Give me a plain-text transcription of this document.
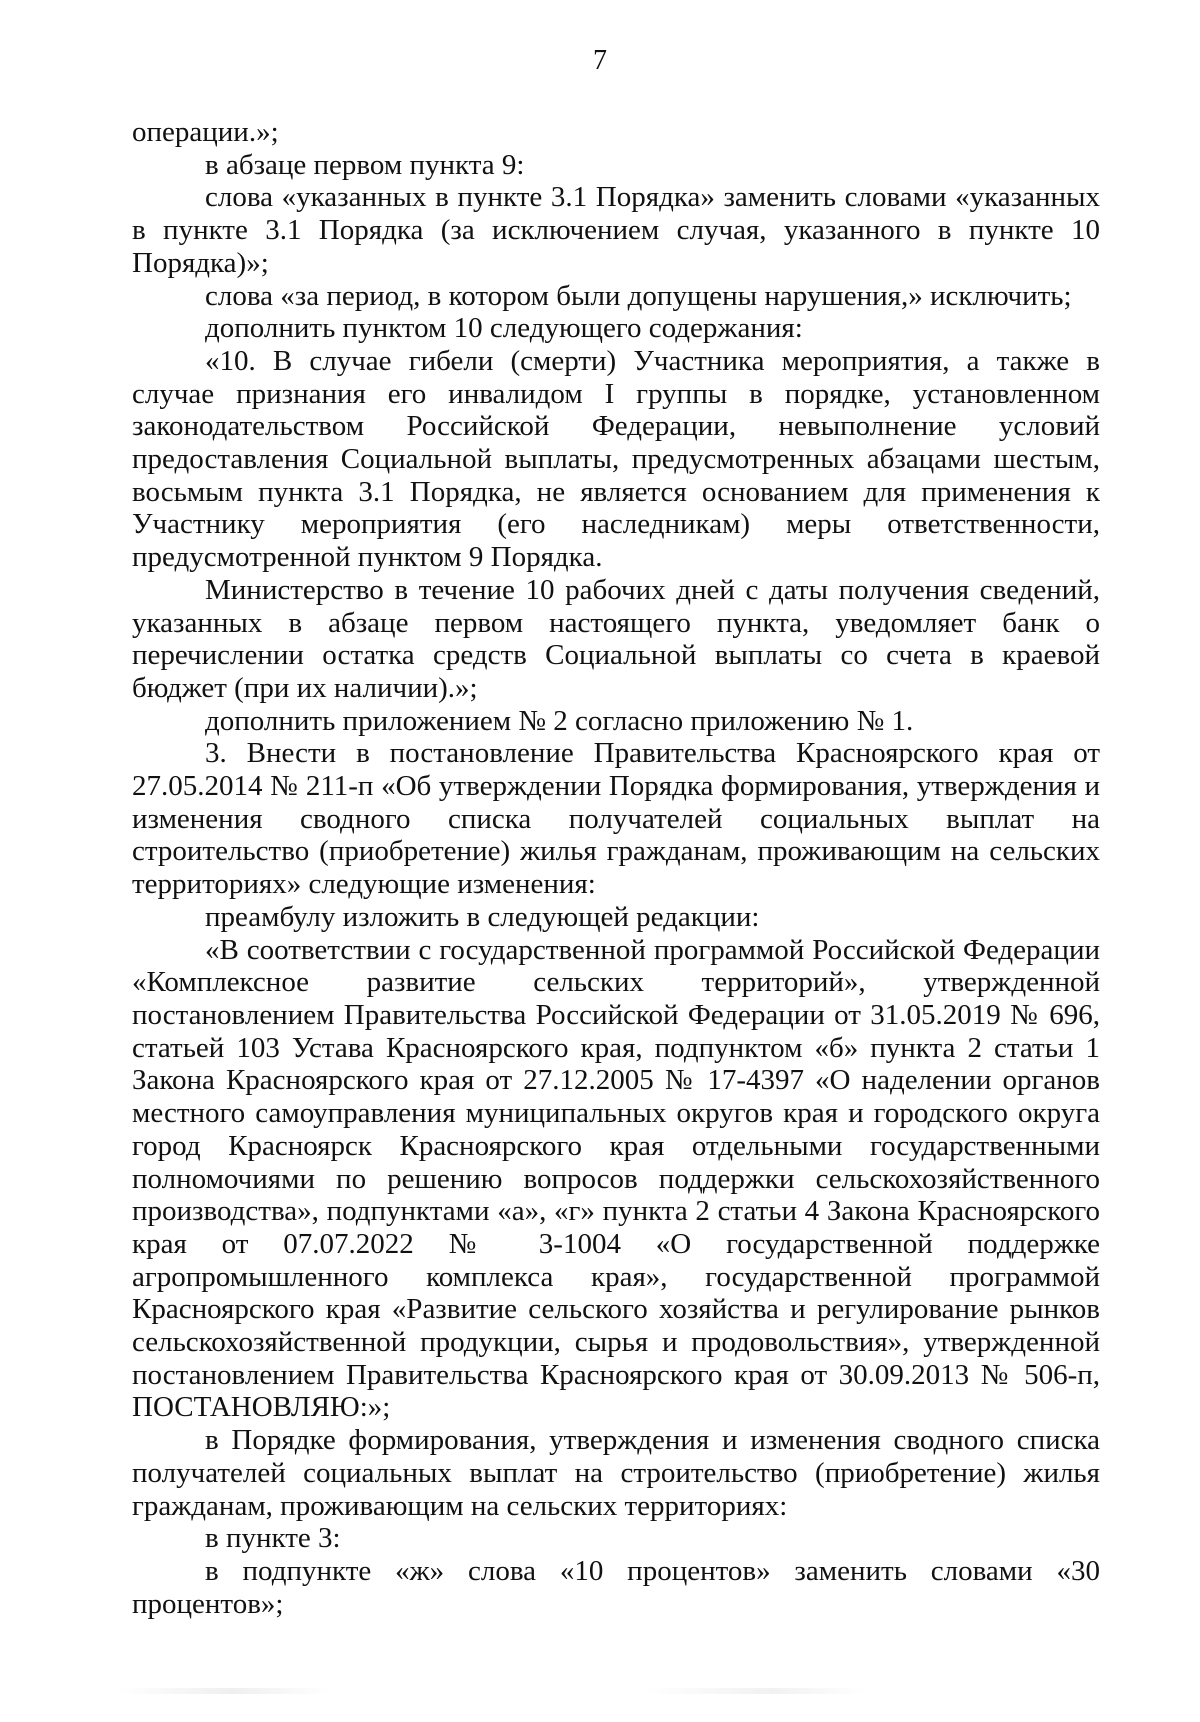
7

операции.»;

в абзаце первом пункта 9:

слова «указанных в пункте 3.1 Порядка» заменить словами «указанных в пункте 3.1 Порядка (за исключением случая, указанного в пункте 10 Порядка)»;

слова «за период, в котором были допущены нарушения,» исключить;

дополнить пунктом 10 следующего содержания:

«10. В случае гибели (смерти) Участника мероприятия, а также в случае признания его инвалидом I группы в порядке, установленном законодательством Российской Федерации, невыполнение условий предоставления Социальной выплаты, предусмотренных абзацами шестым, восьмым пункта 3.1 Порядка, не является основанием для применения к Участнику мероприятия (его наследникам) меры ответственности, предусмотренной пунктом 9 Порядка.

Министерство в течение 10 рабочих дней с даты получения сведений, указанных в абзаце первом настоящего пункта, уведомляет банк о перечислении остатка средств Социальной выплаты со счета в краевой бюджет (при их наличии).»;

дополнить приложением № 2 согласно приложению № 1.

3. Внести в постановление Правительства Красноярского края от 27.05.2014 № 211-п «Об утверждении Порядка формирования, утверждения и изменения сводного списка получателей социальных выплат на строительство (приобретение) жилья гражданам, проживающим на сельских территориях» следующие изменения:

преамбулу изложить в следующей редакции:

«В соответствии с государственной программой Российской Федерации «Комплексное развитие сельских территорий», утвержденной постановлением Правительства Российской Федерации от 31.05.2019 № 696, статьей 103 Устава Красноярского края, подпунктом «б» пункта 2 статьи 1 Закона Красноярского края от 27.12.2005 № 17-4397 «О наделении органов местного самоуправления муниципальных округов края и городского округа город Красноярск Красноярского края отдельными государственными полномочиями по решению вопросов поддержки сельскохозяйственного производства», подпунктами «а», «г» пункта 2 статьи 4 Закона Красноярского края от 07.07.2022 № 3-1004 «О государственной поддержке агропромышленного комплекса края», государственной программой Красноярского края «Развитие сельского хозяйства и регулирование рынков сельскохозяйственной продукции, сырья и продовольствия», утвержденной постановлением Правительства Красноярского края от 30.09.2013 № 506-п, ПОСТАНОВЛЯЮ:»;

в Порядке формирования, утверждения и изменения сводного списка получателей социальных выплат на строительство (приобретение) жилья гражданам, проживающим на сельских территориях:

в пункте 3:

в подпункте «ж» слова «10 процентов» заменить словами «30 процентов»;
